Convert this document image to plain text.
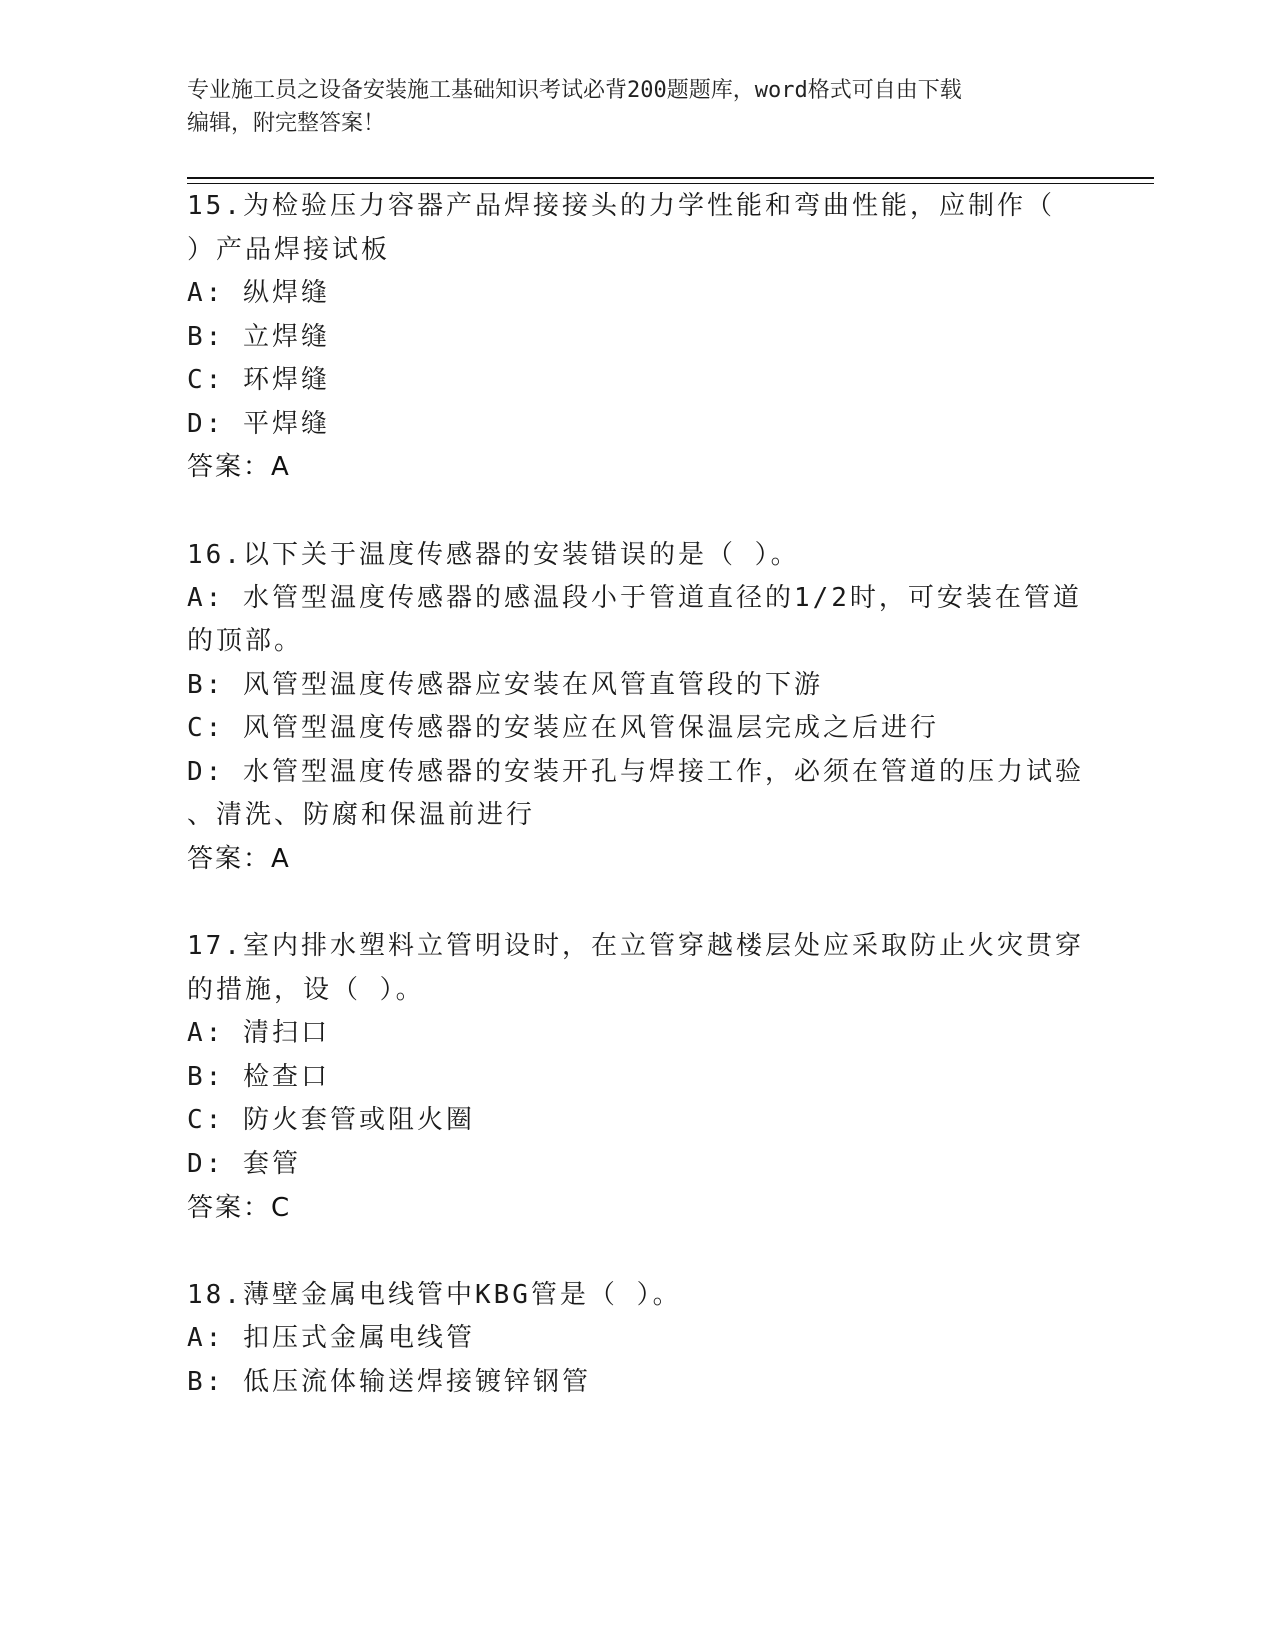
专业施工员之设备安装施工基础知识考试必背200题题库，word格式可自由下载
编辑，附完整答案！
15.为检验压力容器产品焊接接头的力学性能和弯曲性能，应制作（
）产品焊接试板
A: 纵焊缝
B: 立焊缝
C: 环焊缝
D: 平焊缝
答案：A
16.以下关于温度传感器的安装错误的是（ ）。
A: 水管型温度传感器的感温段小于管道直径的1/2时，可安装在管道
的顶部。
B: 风管型温度传感器应安装在风管直管段的下游
C: 风管型温度传感器的安装应在风管保温层完成之后进行
D: 水管型温度传感器的安装开孔与焊接工作，必须在管道的压力试验
、清洗、防腐和保温前进行
答案：A
17.室内排水塑料立管明设时，在立管穿越楼层处应采取防止火灾贯穿
的措施，设（ ）。
A: 清扫口
B: 检查口
C: 防火套管或阻火圈
D: 套管
答案：C
18.薄壁金属电线管中KBG管是（ ）。
A: 扣压式金属电线管
B: 低压流体输送焊接镀锌钢管
